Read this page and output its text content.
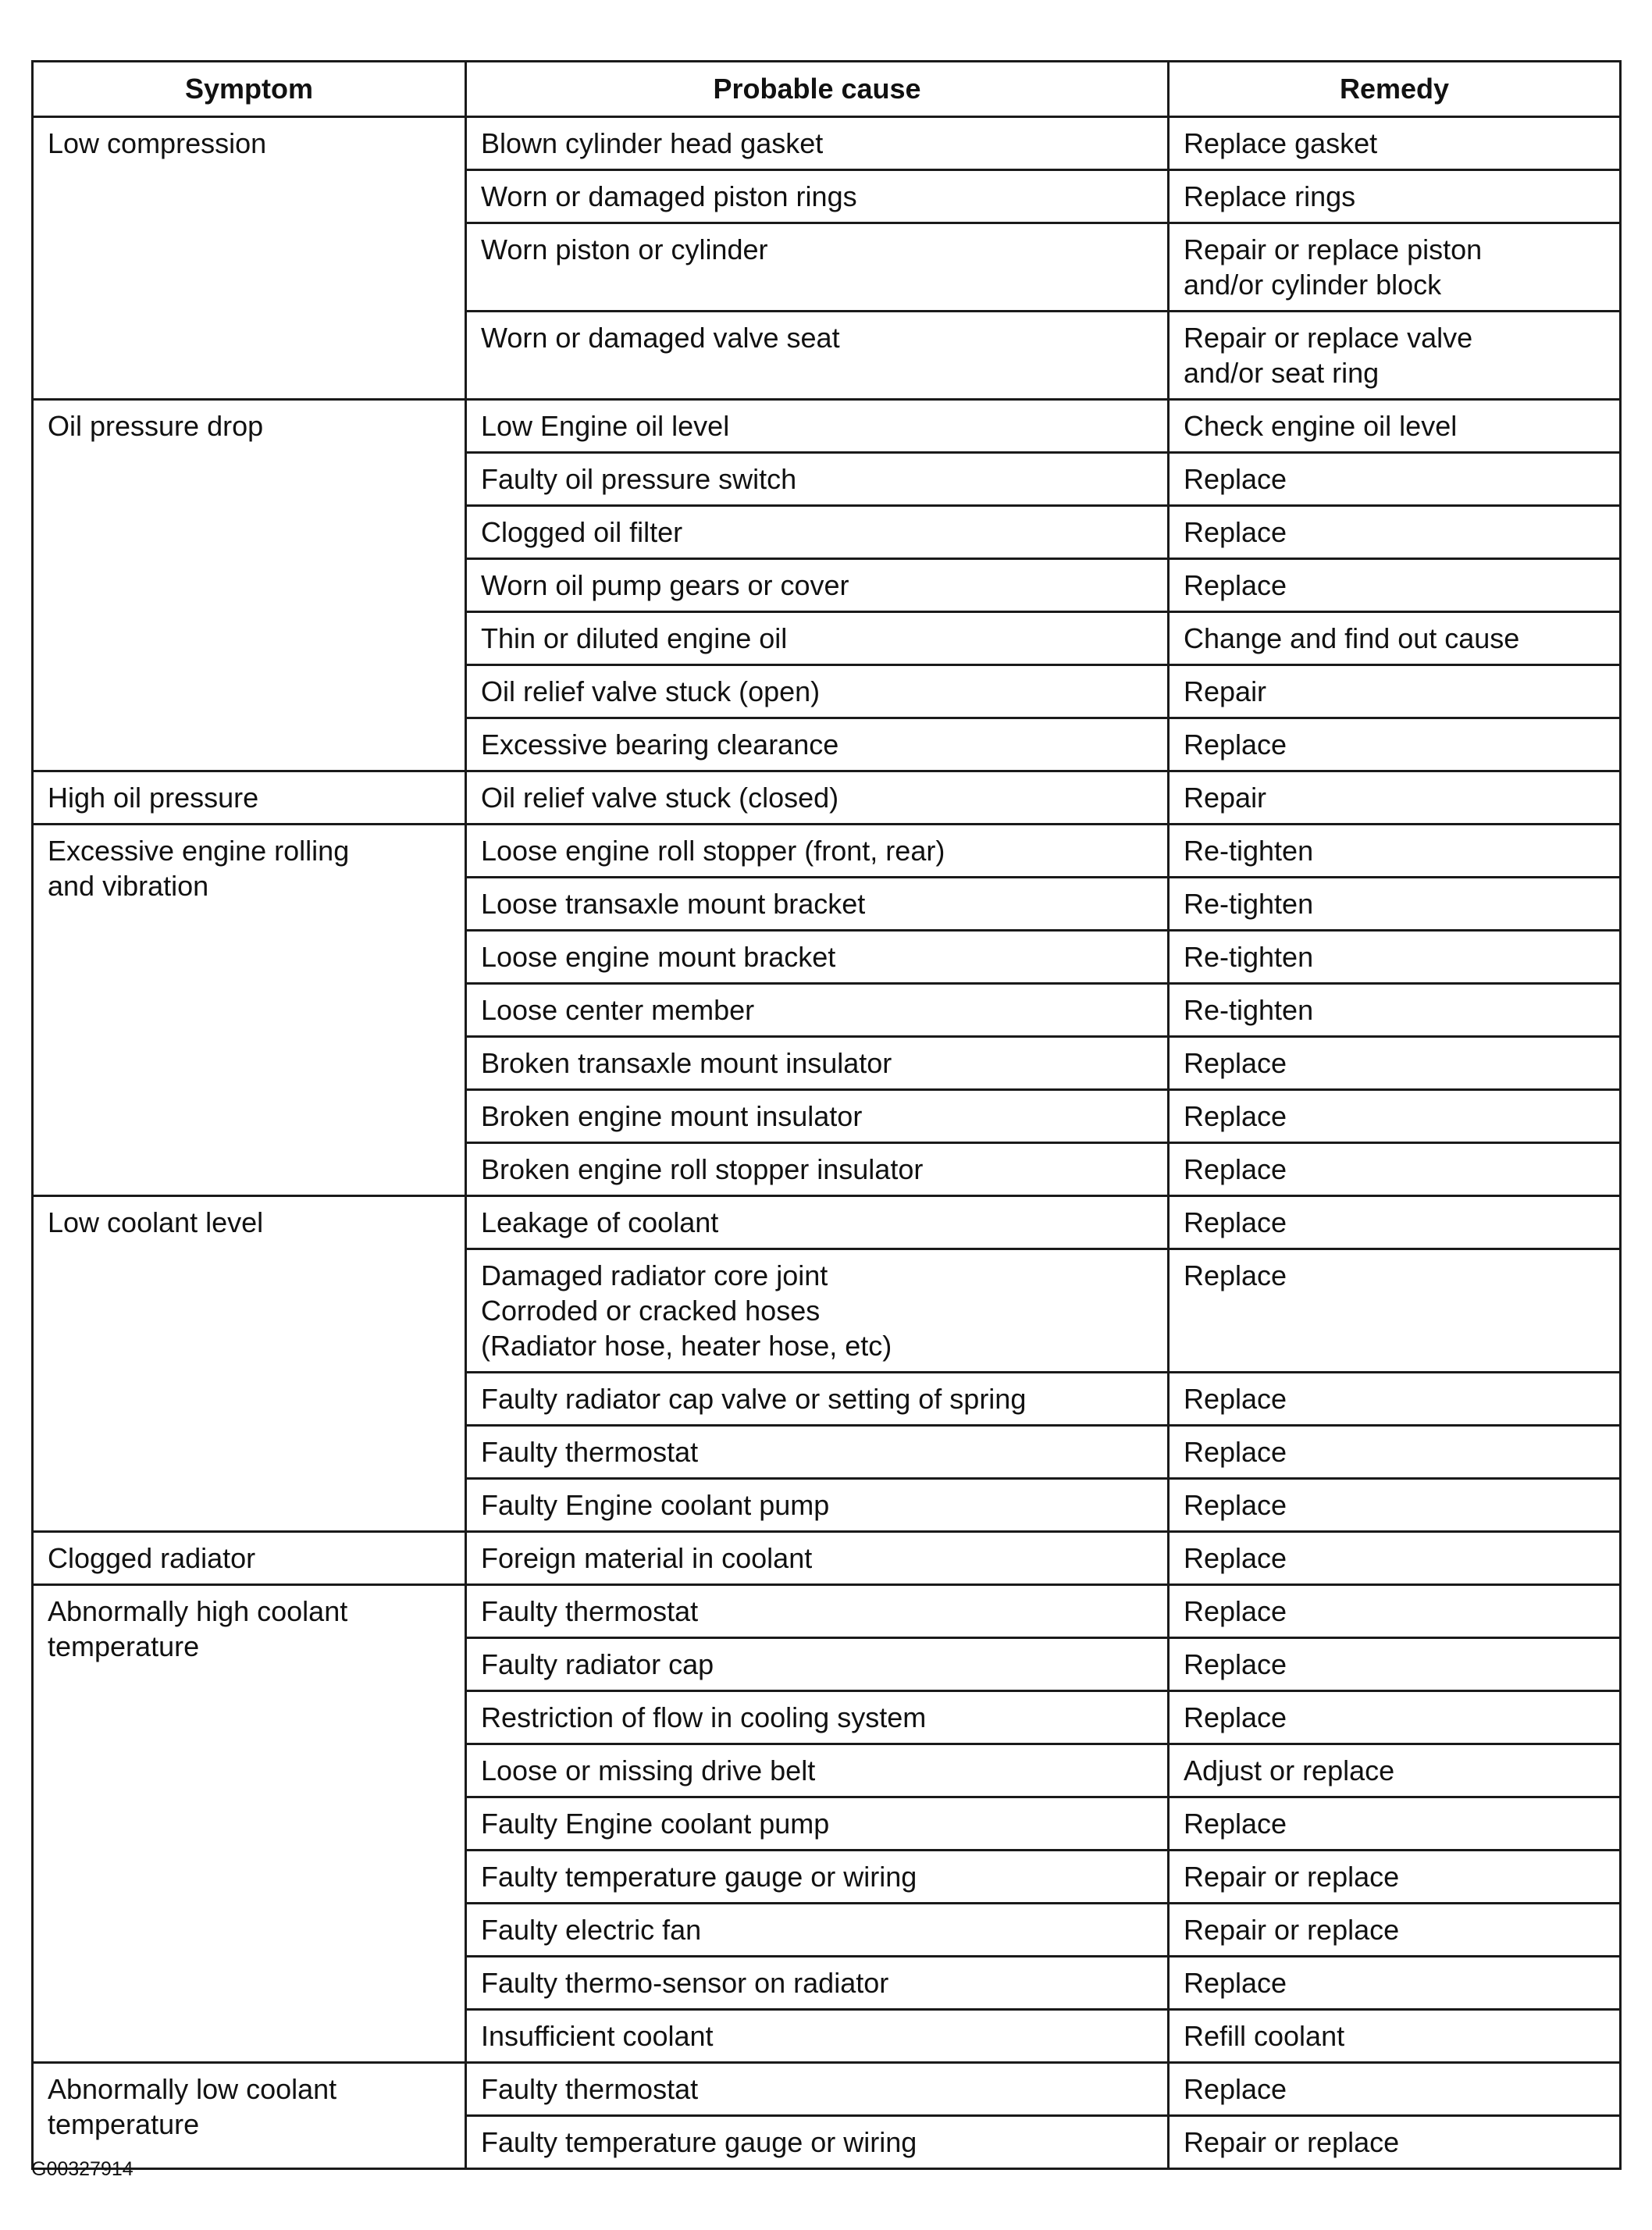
Symptom	Probable cause	Remedy
Low compression	Blown cylinder head gasket	Replace gasket
	Worn or damaged piston rings	Replace rings
	Worn piston or cylinder	Repair or replace piston
and/or cylinder block
	Worn or damaged valve seat	Repair or replace valve
and/or seat ring
Oil pressure drop	Low Engine oil level	Check engine oil level
	Faulty oil pressure switch	Replace
	Clogged oil filter	Replace
	Worn oil pump gears or cover	Replace
	Thin or diluted engine oil	Change and find out cause
	Oil relief valve stuck (open)	Repair
	Excessive bearing clearance	Replace
High oil pressure	Oil relief valve stuck (closed)	Repair
Excessive engine rolling
and vibration	Loose engine roll stopper (front, rear)	Re-tighten
	Loose transaxle mount bracket	Re-tighten
	Loose engine mount bracket	Re-tighten
	Loose center member	Re-tighten
	Broken transaxle mount insulator	Replace
	Broken engine mount insulator	Replace
	Broken engine roll stopper insulator	Replace
Low coolant level	Leakage of coolant	Replace
	Damaged radiator core joint
Corroded or cracked hoses
(Radiator hose, heater hose, etc)	Replace
	Faulty radiator cap valve or setting of spring	Replace
	Faulty thermostat	Replace
	Faulty Engine coolant pump	Replace
Clogged radiator	Foreign material in coolant	Replace
Abnormally high coolant
temperature	Faulty thermostat	Replace
	Faulty radiator cap	Replace
	Restriction of flow in cooling system	Replace
	Loose or missing drive belt	Adjust or replace
	Faulty Engine coolant pump	Replace
	Faulty temperature gauge or wiring	Repair or replace
	Faulty electric fan	Repair or replace
	Faulty thermo-sensor on radiator	Replace
	Insufficient coolant	Refill coolant
Abnormally low coolant
temperature	Faulty thermostat	Replace
	Faulty temperature gauge or wiring	Repair or replace
G00327914
